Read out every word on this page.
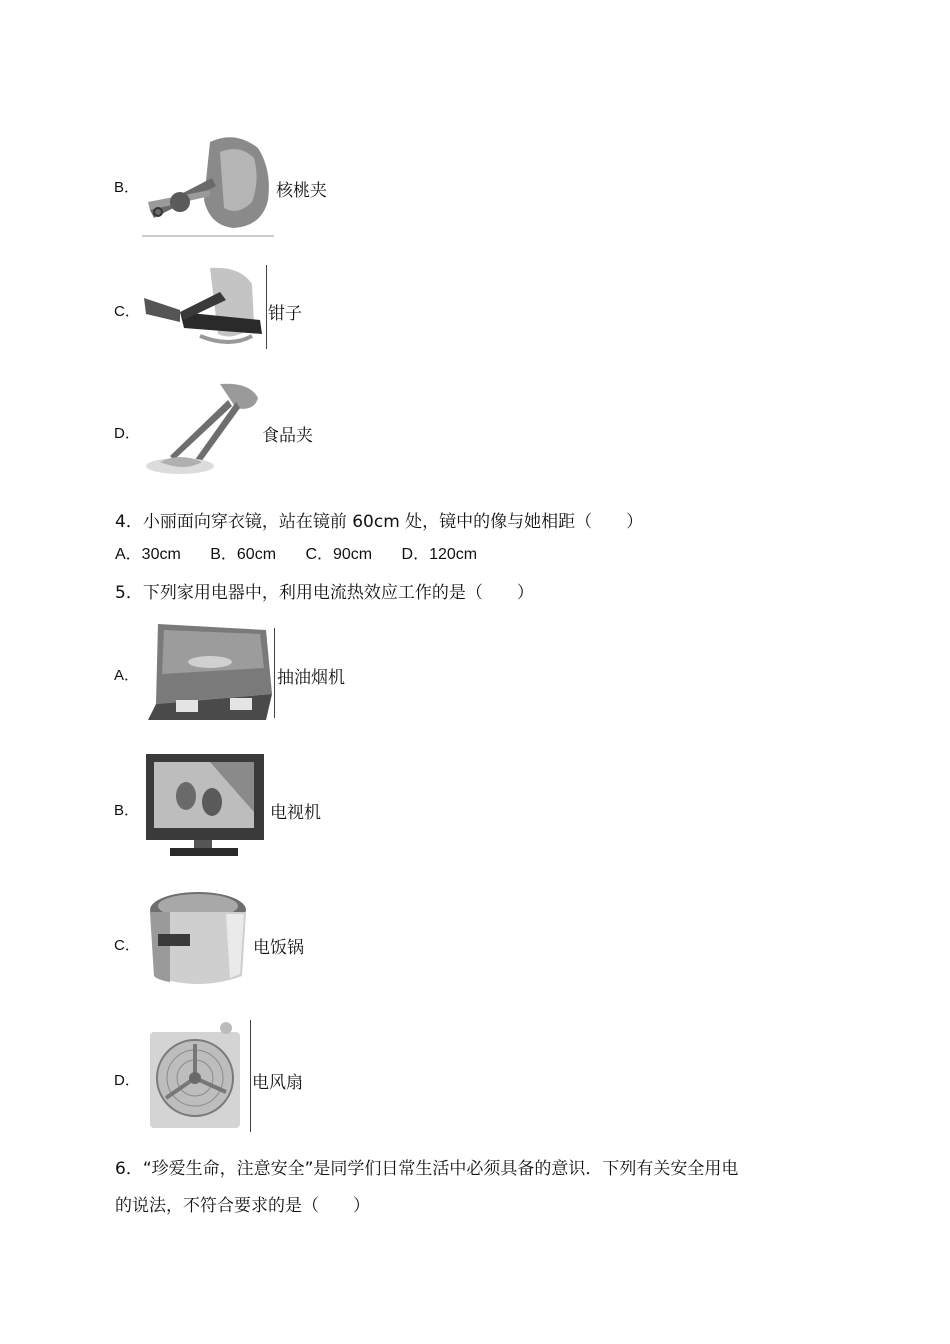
B．	核桃夹
C．	钳子
D．	食品夹
4．小丽面向穿衣镜，站在镜前 60cm 处，镜中的像与她相距（　　）
A．30cm B．60cm C．90cm D．120cm
5．下列家用电器中，利用电流热效应工作的是（　　）
A．	抽油烟机
B．	电视机
C．	电饭锅
D．	电风扇
6．“珍爱生命，注意安全”是同学们日常生活中必须具备的意识．下列有关安全用电
的说法，不符合要求的是（　　）
